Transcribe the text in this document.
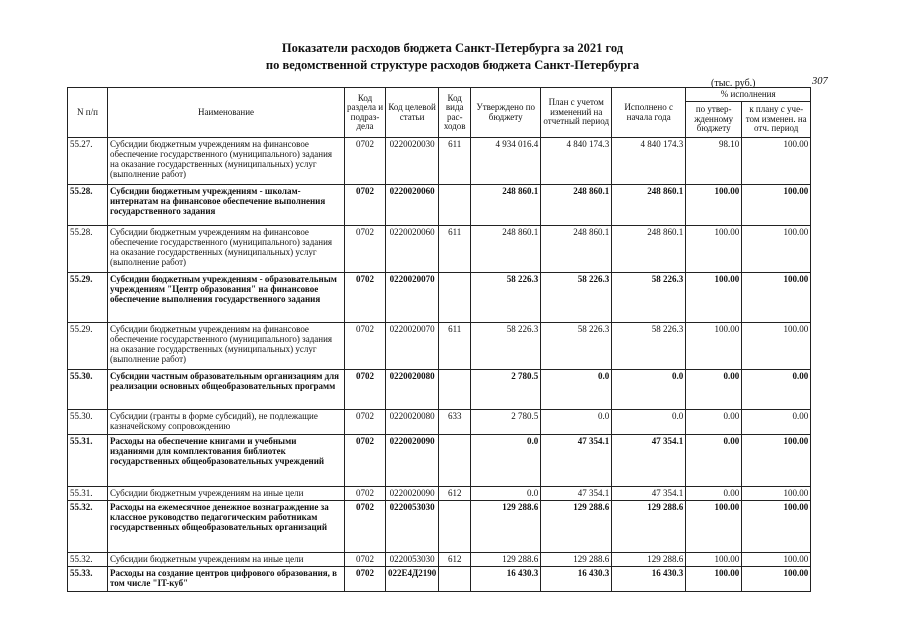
Показатели расходов бюджета Санкт-Петербурга за 2021 год
по ведомственной структуре расходов бюджета Санкт-Петербурга
(тыс. руб.)	307
N п/п	Наименование	Код раздела и подраз-дела	Код целевой статьи	Код вида рас-ходов	Утверждено по бюджету	План с учетом изменений на отчетный период	Исполнено с начала года	% исполнения	
								по утвер-жденному бюджету	к плану с уче-том изменен. на отч. период
55.27.	Субсидии бюджетным учреждениям на финансовое обеспечение государственного (муниципального) задания на оказание государственных (муниципальных) услуг (выполнение работ)	0702	0220020030	611	4 934 016.4	4 840 174.3	4 840 174.3	98.10	100.00
55.28.	Субсидии бюджетным учреждениям - школам-интернатам на финансовое обеспечение выполнения государственного задания	0702	0220020060		248 860.1	248 860.1	248 860.1	100.00	100.00
55.28.	Субсидии бюджетным учреждениям на финансовое обеспечение государственного (муниципального) задания на оказание государственных (муниципальных) услуг (выполнение работ)	0702	0220020060	611	248 860.1	248 860.1	248 860.1	100.00	100.00
55.29.	Субсидии бюджетным учреждениям - образовательным учреждениям "Центр образования" на финансовое обеспечение выполнения государственного задания	0702	0220020070		58 226.3	58 226.3	58 226.3	100.00	100.00
55.29.	Субсидии бюджетным учреждениям на финансовое обеспечение государственного (муниципального) задания на оказание государственных (муниципальных) услуг (выполнение работ)	0702	0220020070	611	58 226.3	58 226.3	58 226.3	100.00	100.00
55.30.	Субсидии частным образовательным организациям для реализации основных общеобразовательных программ	0702	0220020080		2 780.5	0.0	0.0	0.00	0.00
55.30.	Субсидии (гранты в форме субсидий), не подлежащие казначейскому сопровождению	0702	0220020080	633	2 780.5	0.0	0.0	0.00	0.00
55.31.	Расходы на обеспечение книгами и учебными изданиями для комплектования библиотек государственных общеобразовательных учреждений	0702	0220020090		0.0	47 354.1	47 354.1	0.00	100.00
55.31.	Субсидии бюджетным учреждениям на иные цели	0702	0220020090	612	0.0	47 354.1	47 354.1	0.00	100.00
55.32.	Расходы на ежемесячное денежное вознаграждение за классное руководство педагогическим работникам государственных общеобразовательных организаций	0702	0220053030		129 288.6	129 288.6	129 288.6	100.00	100.00
55.32.	Субсидии бюджетным учреждениям на иные цели	0702	0220053030	612	129 288.6	129 288.6	129 288.6	100.00	100.00
55.33.	Расходы на создание центров цифрового образования, в том числе "IT-куб"	0702	022Е4Д2190		16 430.3	16 430.3	16 430.3	100.00	100.00
